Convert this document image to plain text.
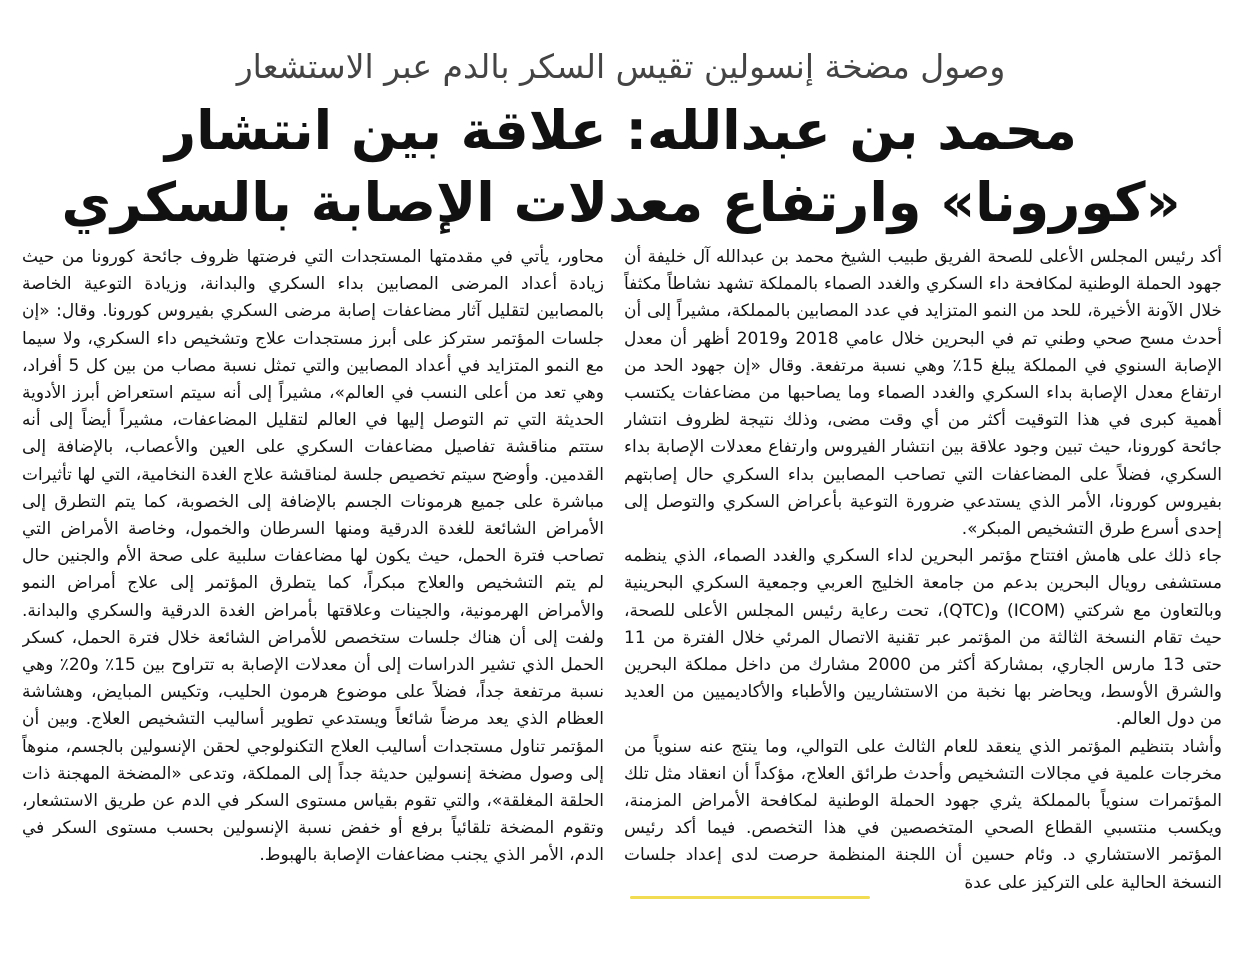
وصول مضخة إنسولين تقيس السكر بالدم عبر الاستشعار
محمد بن عبدالله: علاقة بين انتشار
«كورونا» وارتفاع معدلات الإصابة بالسكري

أكد رئيس المجلس الأعلى للصحة الفريق طبيب الشيخ محمد بن عبدالله آل خليفة أن جهود الحملة الوطنية لمكافحة داء السكري والغدد الصماء بالمملكة تشهد نشاطاً مكثفاً خلال الآونة الأخيرة، للحد من النمو المتزايد في عدد المصابين بالمملكة، مشيراً إلى أن أحدث مسح صحي وطني تم في البحرين خلال عامي 2018 و2019 أظهر أن معدل الإصابة السنوي في المملكة يبلغ 15٪ وهي نسبة مرتفعة. وقال «إن جهود الحد من ارتفاع معدل الإصابة بداء السكري والغدد الصماء وما يصاحبها من مضاعفات يكتسب أهمية كبرى في هذا التوقيت أكثر من أي وقت مضى، وذلك نتيجة لظروف انتشار جائحة كورونا، حيث تبين وجود علاقة بين انتشار الفيروس وارتفاع معدلات الإصابة بداء السكري، فضلاً على المضاعفات التي تصاحب المصابين بداء السكري حال إصابتهم بفيروس كورونا، الأمر الذي يستدعي ضرورة التوعية بأعراض السكري والتوصل إلى إحدى أسرع طرق التشخيص المبكر».

جاء ذلك على هامش افتتاح مؤتمر البحرين لداء السكري والغدد الصماء، الذي ينظمه مستشفى رويال البحرين بدعم من جامعة الخليج العربي وجمعية السكري البحرينية وبالتعاون مع شركتي (ICOM) و(QTC)، تحت رعاية رئيس المجلس الأعلى للصحة، حيث تقام النسخة الثالثة من المؤتمر عبر تقنية الاتصال المرئي خلال الفترة من 11 حتى 13 مارس الجاري، بمشاركة أكثر من 2000 مشارك من داخل مملكة البحرين والشرق الأوسط، ويحاضر بها نخبة من الاستشاريين والأطباء والأكاديميين من العديد من دول العالم.

وأشاد بتنظيم المؤتمر الذي ينعقد للعام الثالث على التوالي، وما ينتج عنه سنوياً من مخرجات علمية في مجالات التشخيص وأحدث طرائق العلاج، مؤكداً أن انعقاد مثل تلك المؤتمرات سنوياً بالمملكة يثري جهود الحملة الوطنية لمكافحة الأمراض المزمنة، ويكسب منتسبي القطاع الصحي المتخصصين في هذا التخصص. فيما أكد رئيس المؤتمر الاستشاري د. وئام حسين أن اللجنة المنظمة حرصت لدى إعداد جلسات النسخة الحالية على التركيز على عدة

محاور، يأتي في مقدمتها المستجدات التي فرضتها ظروف جائحة كورونا من حيث زيادة أعداد المرضى المصابين بداء السكري والبدانة، وزيادة التوعية الخاصة بالمصابين لتقليل آثار مضاعفات إصابة مرضى السكري بفيروس كورونا. وقال: «إن جلسات المؤتمر ستركز على أبرز مستجدات علاج وتشخيص داء السكري، ولا سيما مع النمو المتزايد في أعداد المصابين والتي تمثل نسبة مصاب من بين كل 5 أفراد، وهي تعد من أعلى النسب في العالم»، مشيراً إلى أنه سيتم استعراض أبرز الأدوية الحديثة التي تم التوصل إليها في العالم لتقليل المضاعفات، مشيراً أيضاً إلى أنه ستتم مناقشة تفاصيل مضاعفات السكري على العين والأعصاب، بالإضافة إلى القدمين. وأوضح سيتم تخصيص جلسة لمناقشة علاج الغدة النخامية، التي لها تأثيرات مباشرة على جميع هرمونات الجسم بالإضافة إلى الخصوبة، كما يتم التطرق إلى الأمراض الشائعة للغدة الدرقية ومنها السرطان والخمول، وخاصة الأمراض التي تصاحب فترة الحمل، حيث يكون لها مضاعفات سلبية على صحة الأم والجنين حال لم يتم التشخيص والعلاج مبكراً، كما يتطرق المؤتمر إلى علاج أمراض النمو والأمراض الهرمونية، والجينات وعلاقتها بأمراض الغدة الدرقية والسكري والبدانة. ولفت إلى أن هناك جلسات ستخصص للأمراض الشائعة خلال فترة الحمل، كسكر الحمل الذي تشير الدراسات إلى أن معدلات الإصابة به تتراوح بين 15٪ و20٪ وهي نسبة مرتفعة جداً، فضلاً على موضوع هرمون الحليب، وتكيس المبايض، وهشاشة العظام الذي يعد مرضاً شائعاً ويستدعي تطوير أساليب التشخيص العلاج. وبين أن المؤتمر تناول مستجدات أساليب العلاج التكنولوجي لحقن الإنسولين بالجسم، منوهاً إلى وصول مضخة إنسولين حديثة جداً إلى المملكة، وتدعى «المضخة المهجنة ذات الحلقة المغلقة»، والتي تقوم بقياس مستوى السكر في الدم عن طريق الاستشعار، وتقوم المضخة تلقائياً برفع أو خفض نسبة الإنسولين بحسب مستوى السكر في الدم، الأمر الذي يجنب مضاعفات الإصابة بالهبوط.
